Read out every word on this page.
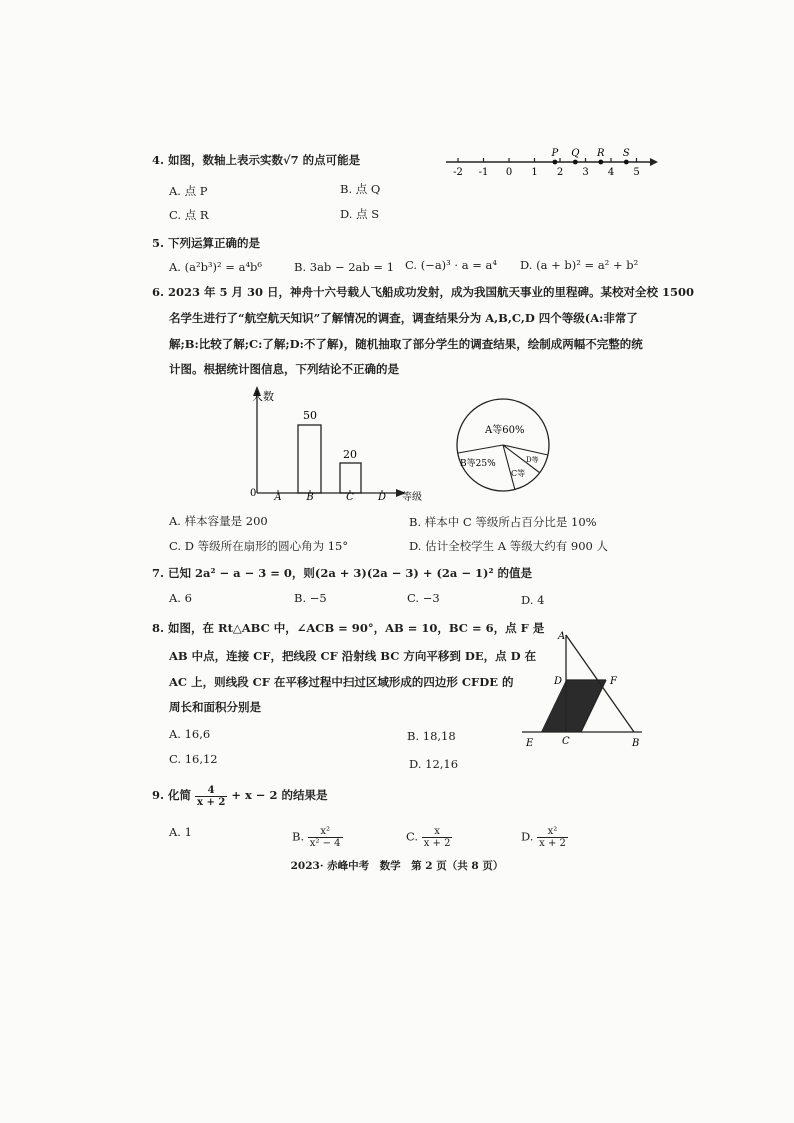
4. 如图，数轴上表示实数√7 的点可能是
-2 -1 0 1 2 3 4 5
P Q R S
A. 点 P	B. 点 Q
C. 点 R	D. 点 S
5. 下列运算正确的是
A. (a²b³)² = a⁴b⁶	B. 3ab − 2ab = 1 C. (−a)³ · a = a⁴ D. (a + b)² = a² + b²
6. 2023 年 5 月 30 日，神舟十六号载人飞船成功发射，成为我国航天事业的里程碑。某校对全校 1500
名学生进行了“航空航天知识”了解情况的调查，调查结果分为 A,B,C,D 四个等级(A:非常了
解;B:比较了解;C:了解;D:不了解)，随机抽取了部分学生的调查结果，绘制成两幅不完整的统
计图。根据统计图信息，下列结论不正确的是
人数
等级
0
50
20
A B	C D
A等60%
B等25%
C等
D等
A. 样本容量是 200	B. 样本中 C 等级所占百分比是 10%
C. D 等级所在扇形的圆心角为 15°	D. 估计全校学生 A 等级大约有 900 人
7. 已知 2a² − a − 3 = 0，则(2a + 3)(2a − 3) + (2a − 1)² 的值是
A. 6	B. −5	C. −3	D. 4
8. 如图，在 Rt△ABC 中，∠ACB = 90°，AB = 10，BC = 6，点 F 是
AB 中点，连接 CF，把线段 CF 沿射线 BC 方向平移到 DE，点 D 在
AC 上，则线段 CF 在平移过程中扫过区域形成的四边形 CFDE 的
周长和面积分别是
A
D	F
E	C	B
A. 16,6	B. 18,18
C. 16,12	D. 12,16
9. 化简 $\frac{4}{x + 2} + x - 2$ 的结果是
A. 1	B. $\frac{\text{x²}}{\text{x² − 4}}$	C. $\frac{x}{x + 2}$	D. $\frac{\text{x²}}{x + 2}$
2023· 赤峰中考　数学　第 2 页（共 8 页）
